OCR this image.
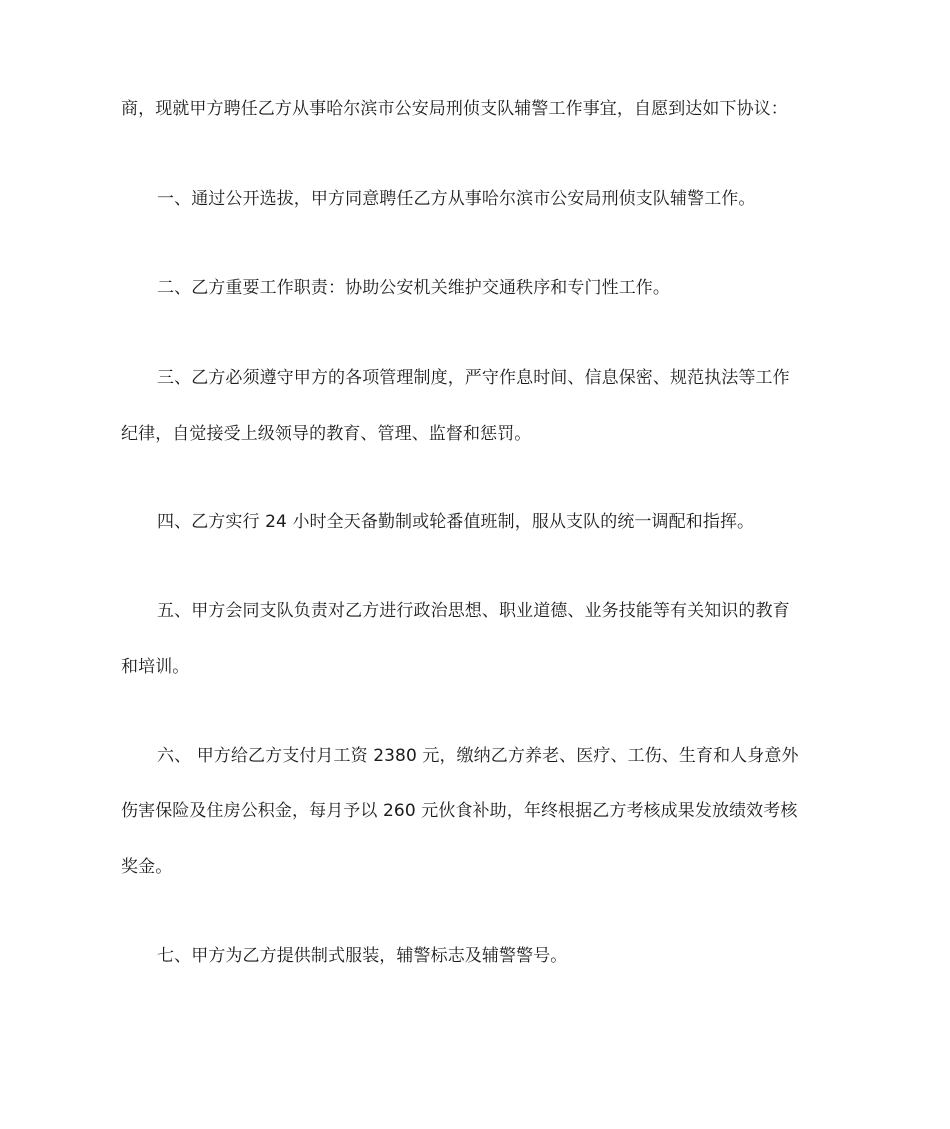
商，现就甲方聘任乙方从事哈尔滨市公安局刑侦支队辅警工作事宜，自愿到达如下协议：
一、通过公开选拔，甲方同意聘任乙方从事哈尔滨市公安局刑侦支队辅警工作。
二、乙方重要工作职责：协助公安机关维护交通秩序和专门性工作。
三、乙方必须遵守甲方的各项管理制度，严守作息时间、信息保密、规范执法等工作
纪律，自觉接受上级领导的教育、管理、监督和惩罚。
四、乙方实行 24 小时全天备勤制或轮番值班制，服从支队的统一调配和指挥。
五、甲方会同支队负责对乙方进行政治思想、职业道德、业务技能等有关知识的教育
和培训。
六、 甲方给乙方支付月工资 2380 元，缴纳乙方养老、医疗、工伤、生育和人身意外
伤害保险及住房公积金，每月予以 260 元伙食补助，年终根据乙方考核成果发放绩效考核
奖金。
七、甲方为乙方提供制式服装，辅警标志及辅警警号。
